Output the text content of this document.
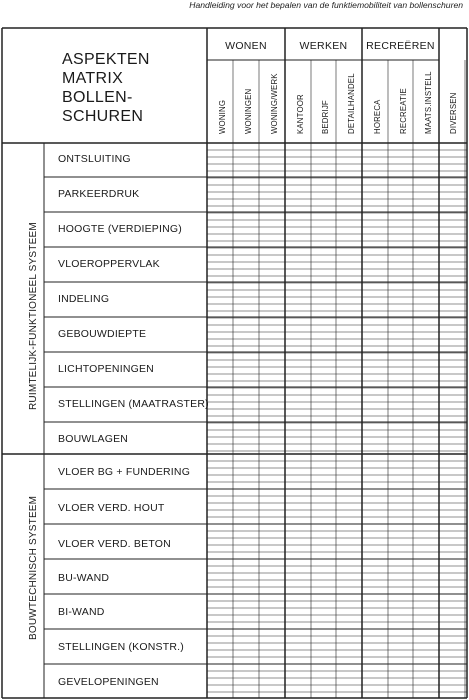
Handleiding voor het bepalen van de funktiemobiliteit van bollenschuren
ASPEKTEN
MATRIX
BOLLEN-
SCHUREN
WONEN	WERKEN	RECREËREN
WONING WONINGEN WONING/WERK KANTOOR BEDRIJF DETAILHANDEL HORECA RECREATIE MAATS.INSTELL DIVERSEN
RUIMTELIJK-FUNKTIONEEL SYSTEEM
BOUWTECHNISCH SYSTEEM
ONTSLUITING
PARKEERDRUK
HOOGTE (VERDIEPING)
VLOEROPPERVLAK
INDELING
GEBOUWDIEPTE
LICHTOPENINGEN
STELLINGEN (MAATRASTER)
BOUWLAGEN
VLOER BG + FUNDERING
VLOER VERD. HOUT
VLOER VERD. BETON
BU-WAND
BI-WAND
STELLINGEN (KONSTR.)
GEVELOPENINGEN
